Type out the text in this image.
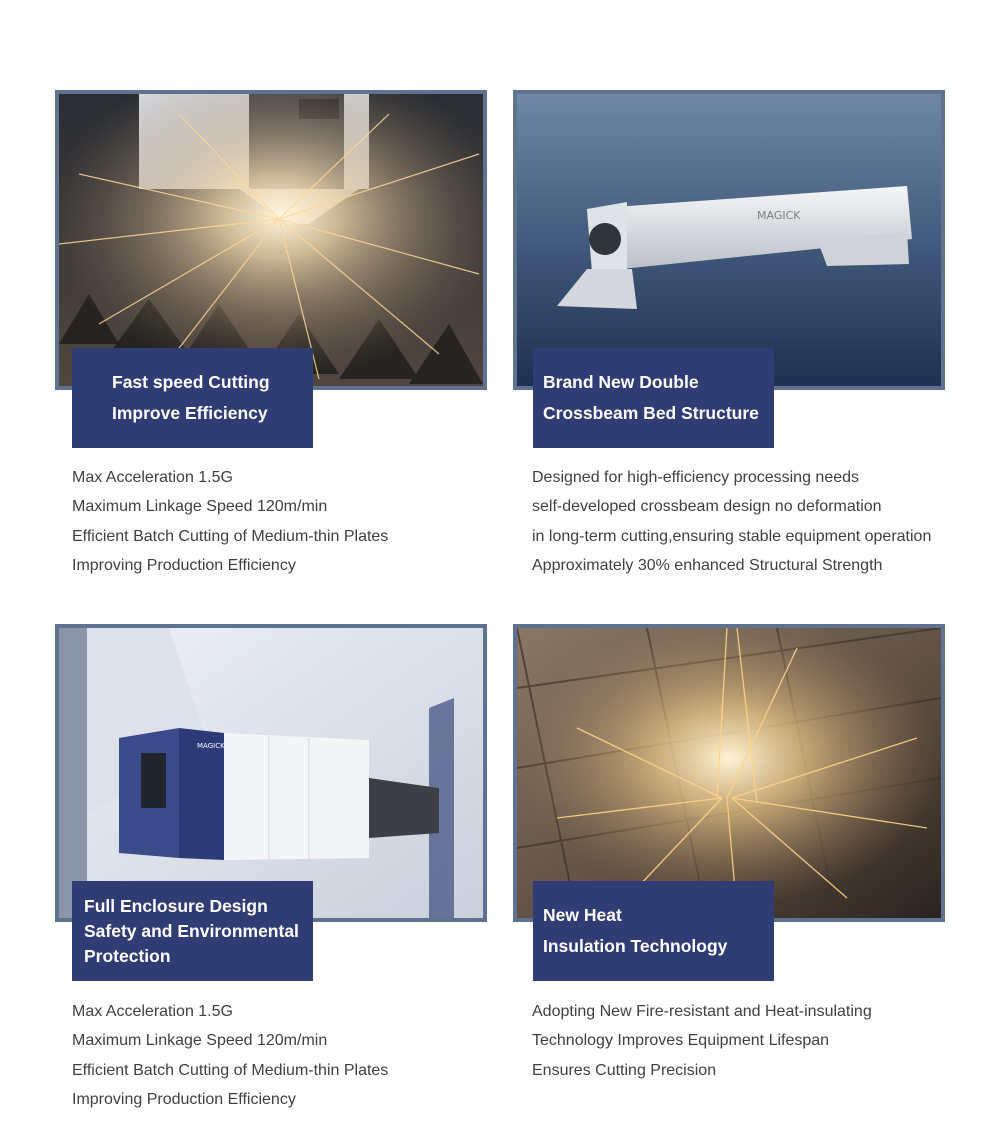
Fast speed Cutting
Improve Efficiency
Max Acceleration 1.5G
Maximum Linkage Speed 120m/min
Efficient Batch Cutting of Medium-thin Plates
Improving Production Efficiency
MAGICK
Brand New Double
Crossbeam Bed Structure
Designed for high-efficiency processing needs
self-developed crossbeam design no deformation
in long-term cutting,ensuring stable equipment operation
Approximately 30% enhanced Structural Strength
MAGICK
Full Enclosure Design
Safety and Environmental
Protection
Max Acceleration 1.5G
Maximum Linkage Speed 120m/min
Efficient Batch Cutting of Medium-thin Plates
Improving Production Efficiency
New Heat
Insulation Technology
Adopting New Fire-resistant and Heat-insulating
Technology Improves Equipment Lifespan
Ensures Cutting Precision
